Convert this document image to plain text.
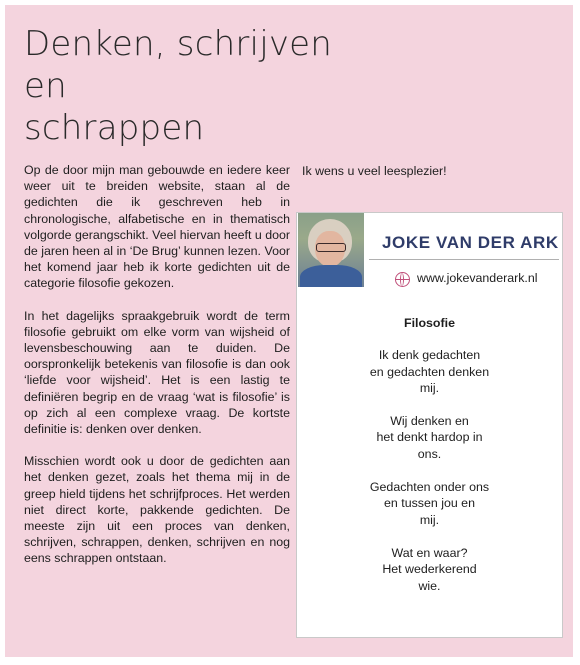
Denken, schrijven en
schrappen

Op de door mijn man gebouwde en iedere keer weer uit te breiden website, staan al de gedichten die ik geschreven heb in chronologische, alfabetische en in thematisch volgorde gerangschikt. Veel hiervan heeft u door de jaren heen al in ‘De Brug’ kunnen lezen. Voor het komend jaar heb ik korte gedichten uit de categorie filosofie gekozen.

In het dagelijks spraakgebruik wordt de term filosofie gebruikt om elke vorm van wijsheid of levensbeschouwing aan te duiden. De oorspronkelijk betekenis van filosofie is dan ook ‘liefde voor wijsheid’. Het is een lastig te definiëren begrip en de vraag ‘wat is filosofie’ is op zich al een complexe vraag. De kortste definitie is: denken over denken.

Misschien wordt ook u door de gedichten aan het denken gezet, zoals het thema mij in de greep hield tijdens het schrijfproces. Het werden niet direct korte, pakkende gedichten. De meeste zijn uit een proces van denken, schrijven, schrappen, denken, schrijven en nog eens schrappen ontstaan.

Ik wens u veel leesplezier!
JOKE VAN DER ARK
www.jokevanderark.nl
Filosofie
Ik denk gedachten
en gedachten denken
mij.
Wij denken en
het denkt hardop in
ons.
Gedachten onder ons
en tussen jou en
mij.
Wat en waar?
Het wederkerend
wie.
